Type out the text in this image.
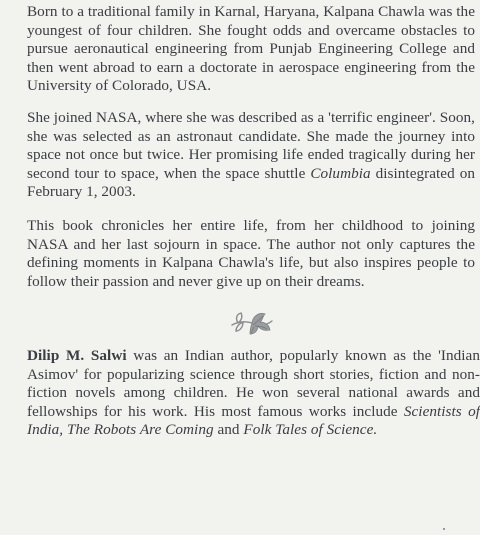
Born to a traditional family in Karnal, Haryana, Kalpana Chawla was the youngest of four children. She fought odds and overcame obstacles to pursue aeronautical engineering from Punjab Engineering College and then went abroad to earn a doctorate in aerospace engineering from the University of Colorado, USA.

She joined NASA, where she was described as a 'terrific engineer'. Soon, she was selected as an astronaut candidate. She made the journey into space not once but twice. Her promising life ended tragically during her second tour to space, when the space shuttle Columbia disintegrated on February 1, 2003.

This book chronicles her entire life, from her childhood to joining NASA and her last sojourn in space. The author not only captures the defining moments in Kalpana Chawla's life, but also inspires people to follow their passion and never give up on their dreams.

Dilip M. Salwi was an Indian author, popularly known as the 'Indian Asimov' for popularizing science through short stories, fiction and non-fiction novels among children. He won several national awards and fellowships for his work. His most famous works include Scientists of India, The Robots Are Coming and Folk Tales of Science.
